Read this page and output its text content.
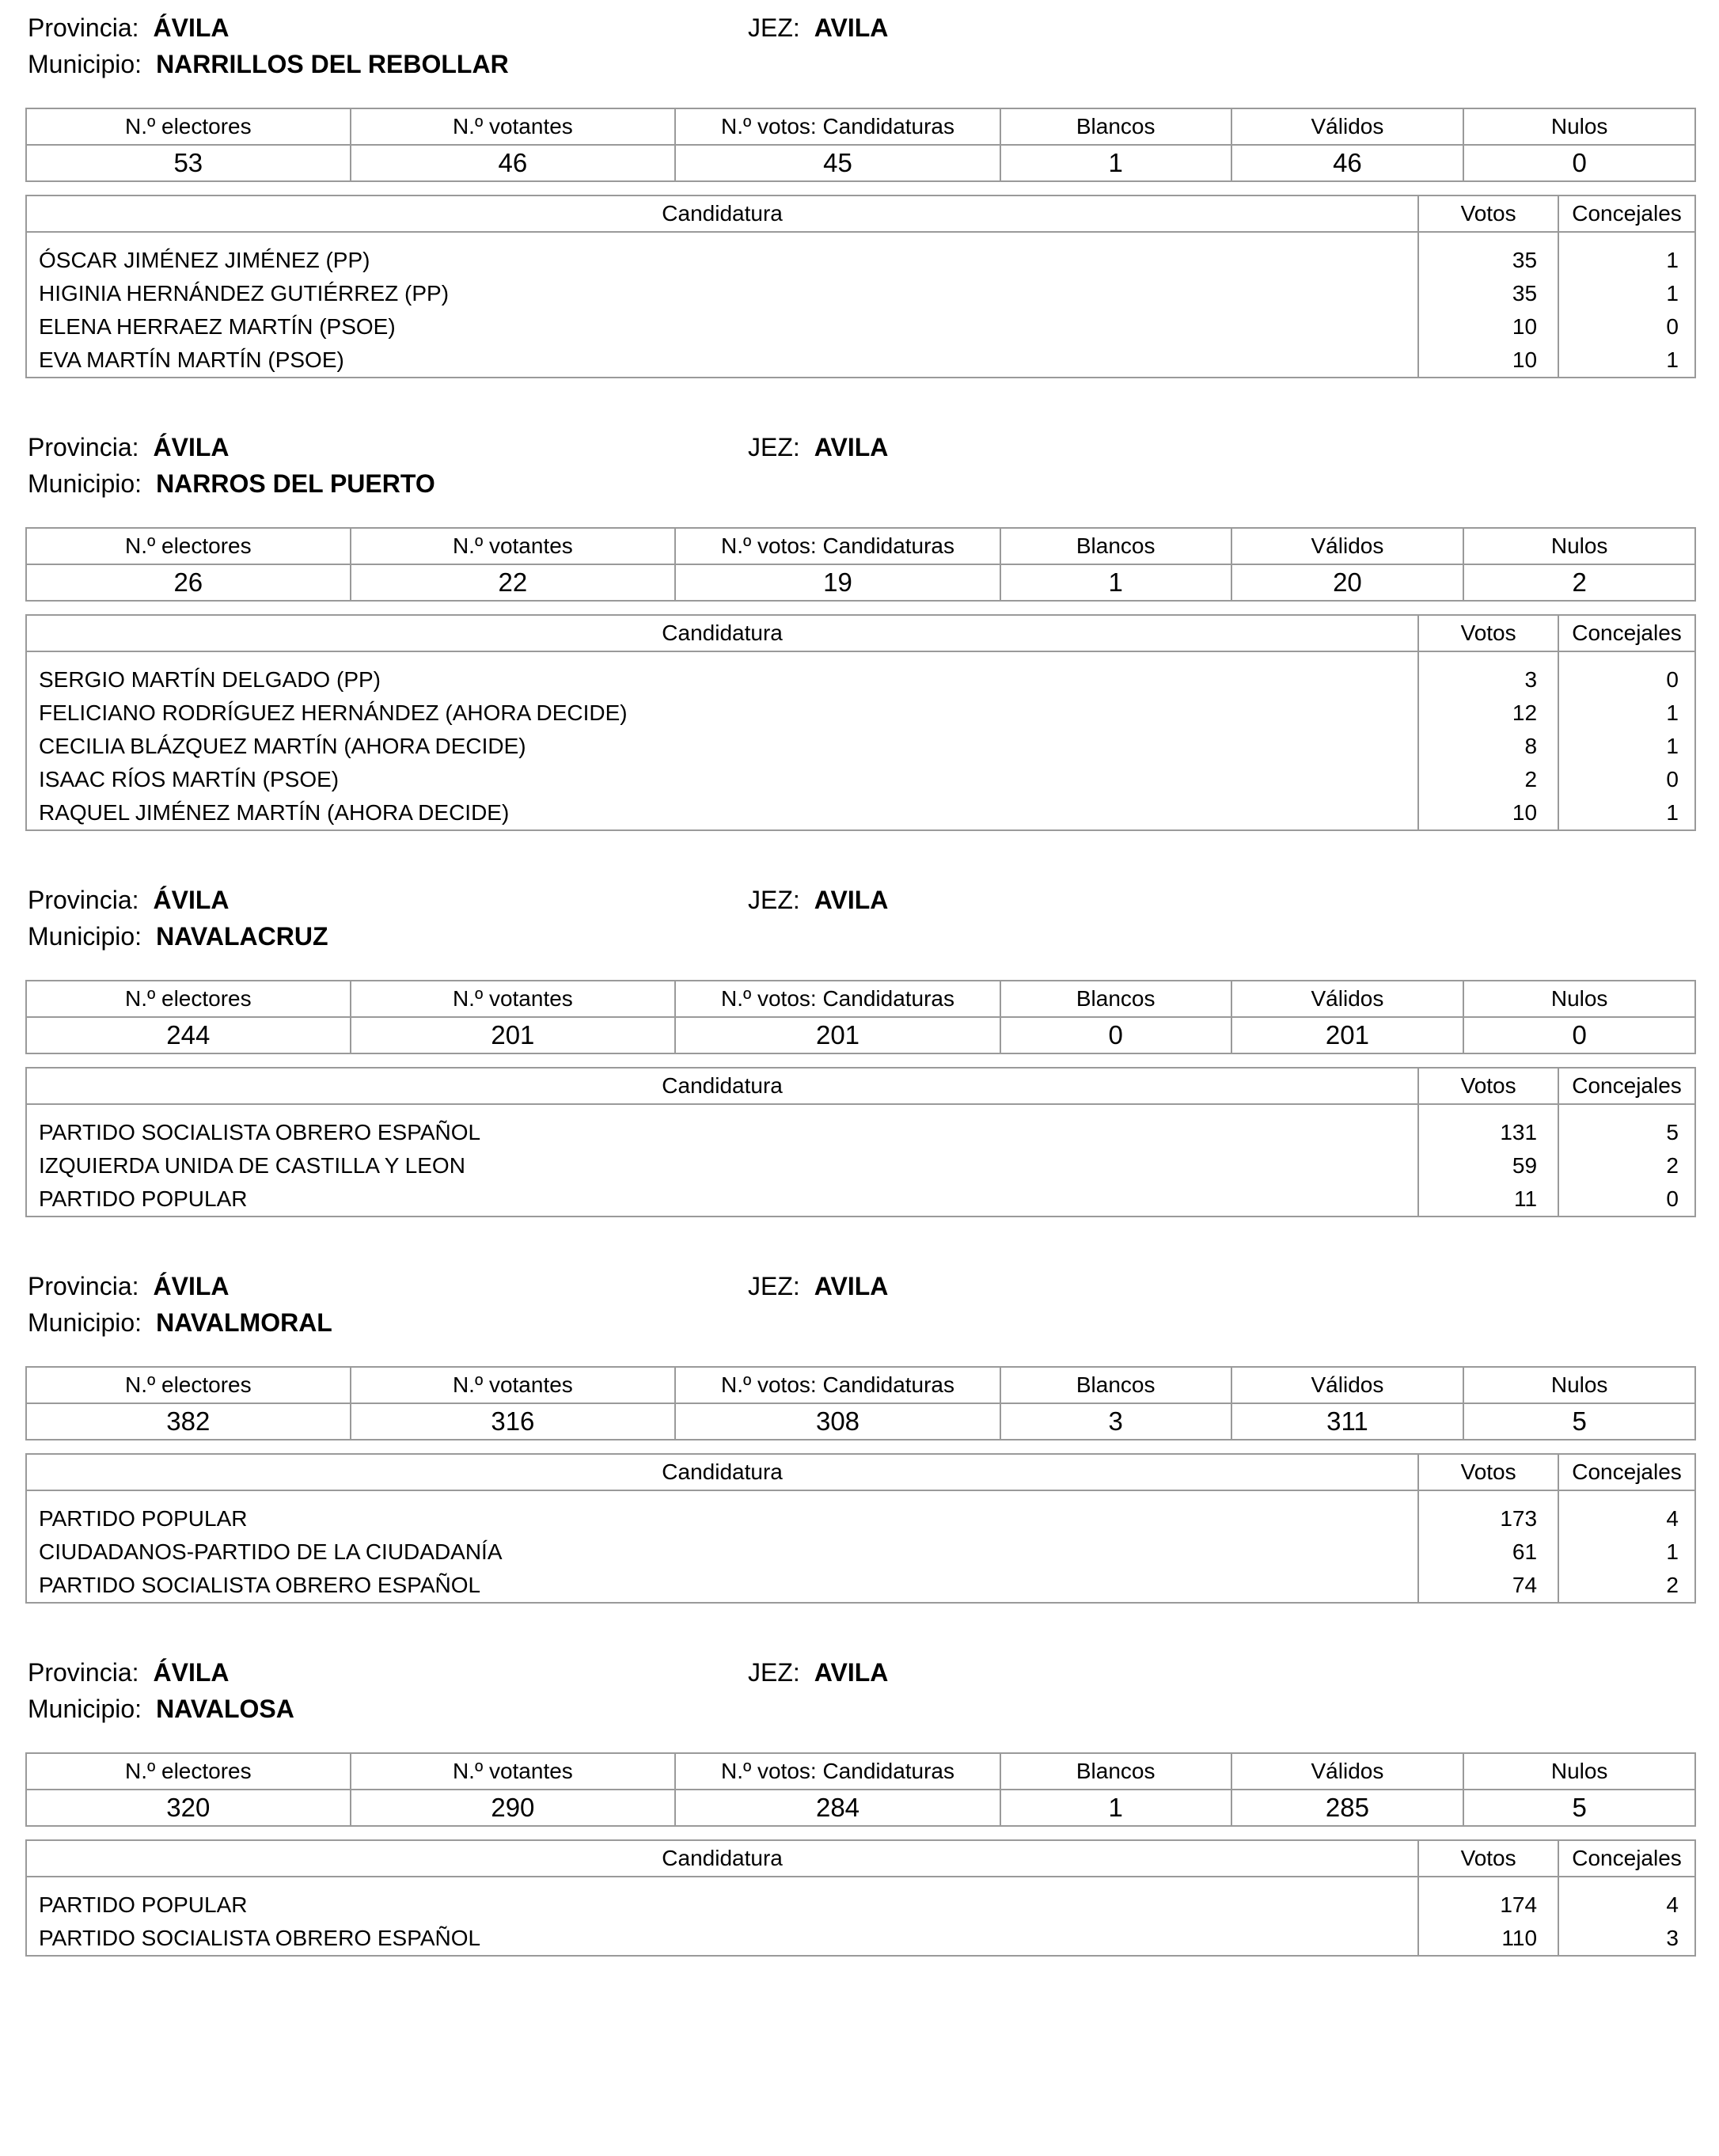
Provincia: ÁVILA
Municipio: NARRILLOS DEL REBOLLAR
JEZ: AVILA
N.º electores	N.º votantes	N.º votos: Candidaturas	Blancos	Válidos	Nulos
53	46	45	1	46	0
Candidatura	Votos	Concejales
ÓSCAR JIMÉNEZ JIMÉNEZ (PP)	35	1
HIGINIA HERNÁNDEZ GUTIÉRREZ (PP)	35	1
ELENA HERRAEZ MARTÍN (PSOE)	10	0
EVA MARTÍN MARTÍN (PSOE)	10	1
Provincia: ÁVILA
Municipio: NARROS DEL PUERTO
JEZ: AVILA
N.º electores	N.º votantes	N.º votos: Candidaturas	Blancos	Válidos	Nulos
26	22	19	1	20	2
Candidatura	Votos	Concejales
SERGIO MARTÍN DELGADO (PP)	3	0
FELICIANO RODRÍGUEZ HERNÁNDEZ (AHORA DECIDE)	12	1
CECILIA BLÁZQUEZ MARTÍN (AHORA DECIDE)	8	1
ISAAC RÍOS MARTÍN (PSOE)	2	0
RAQUEL JIMÉNEZ MARTÍN (AHORA DECIDE)	10	1
Provincia: ÁVILA
Municipio: NAVALACRUZ
JEZ: AVILA
N.º electores	N.º votantes	N.º votos: Candidaturas	Blancos	Válidos	Nulos
244	201	201	0	201	0
Candidatura	Votos	Concejales
PARTIDO SOCIALISTA OBRERO ESPAÑOL	131	5
IZQUIERDA UNIDA DE CASTILLA Y LEON	59	2
PARTIDO POPULAR	11	0
Provincia: ÁVILA
Municipio: NAVALMORAL
JEZ: AVILA
N.º electores	N.º votantes	N.º votos: Candidaturas	Blancos	Válidos	Nulos
382	316	308	3	311	5
Candidatura	Votos	Concejales
PARTIDO POPULAR	173	4
CIUDADANOS-PARTIDO DE LA CIUDADANÍA	61	1
PARTIDO SOCIALISTA OBRERO ESPAÑOL	74	2
Provincia: ÁVILA
Municipio: NAVALOSA
JEZ: AVILA
N.º electores	N.º votantes	N.º votos: Candidaturas	Blancos	Válidos	Nulos
320	290	284	1	285	5
Candidatura	Votos	Concejales
PARTIDO POPULAR	174	4
PARTIDO SOCIALISTA OBRERO ESPAÑOL	110	3
